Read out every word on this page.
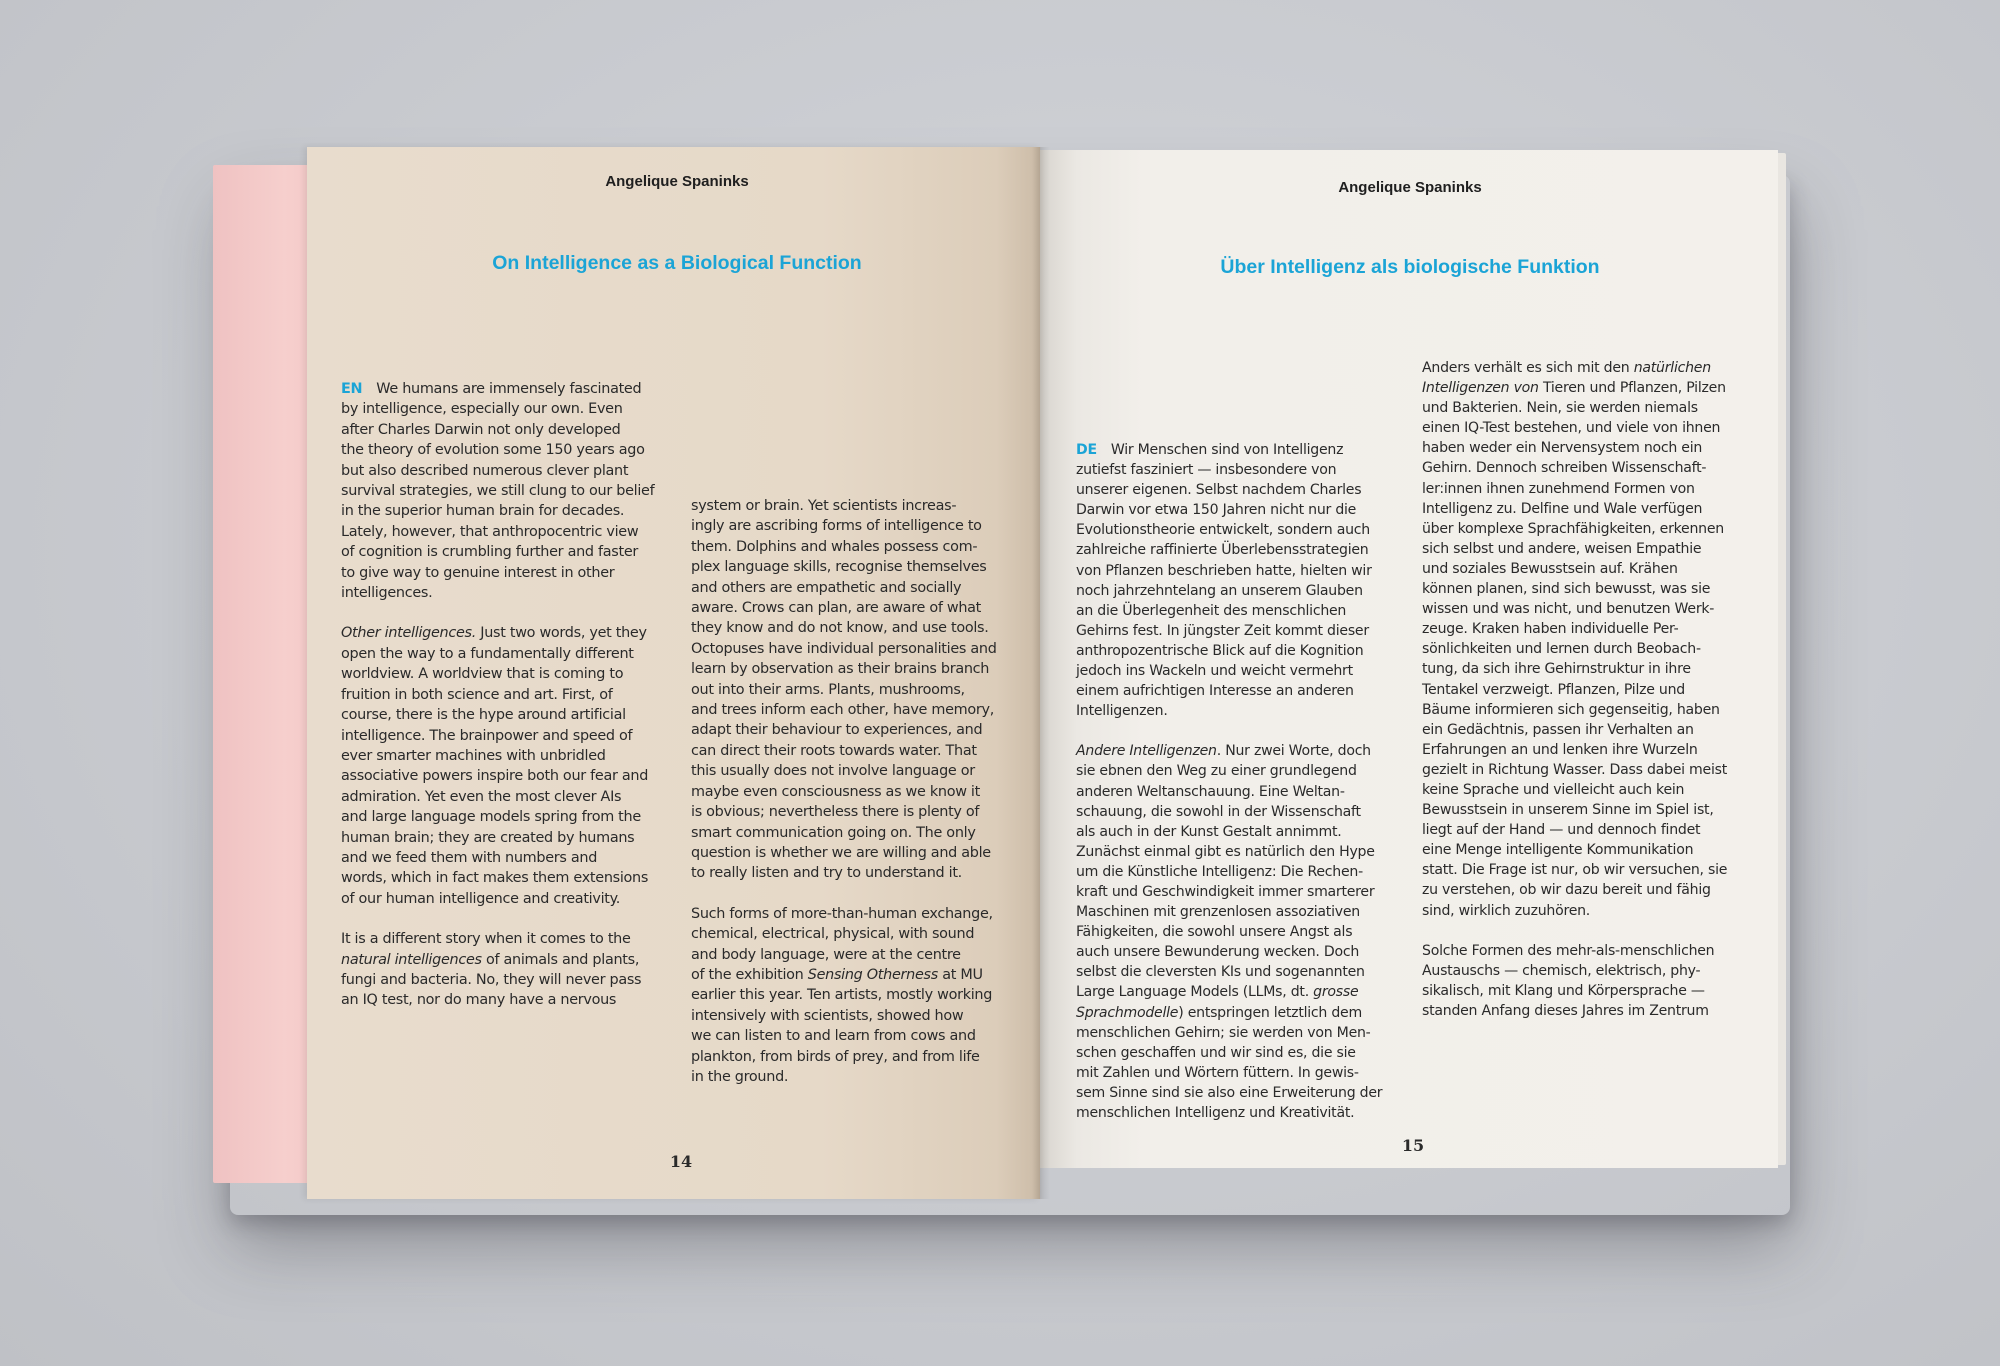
Angelique Spaninks
On Intelligence as a Biological Function

EN We humans are immensely fascinated

by intelligence, especially our own. Even

after Charles Darwin not only developed

the theory of evolution some 150 years ago

but also described numerous clever plant

survival strategies, we still clung to our belief

in the superior human brain for decades.

Lately, however, that anthropocentric view

of cognition is crumbling further and faster

to give way to genuine interest in other

intelligences.

Other intelligences. Just two words, yet they

open the way to a fundamentally different

worldview. A worldview that is coming to

fruition in both science and art. First, of

course, there is the hype around artificial

intelligence. The brainpower and speed of

ever smarter machines with unbridled

associative powers inspire both our fear and

admiration. Yet even the most clever AIs

and large language models spring from the

human brain; they are created by humans

and we feed them with numbers and

words, which in fact makes them extensions

of our human intelligence and creativity.

It is a different story when it comes to the

natural intelligences of animals and plants,

fungi and bacteria. No, they will never pass

an IQ test, nor do many have a nervous

system or brain. Yet scientists increas-

ingly are ascribing forms of intelligence to

them. Dolphins and whales possess com-

plex language skills, recognise themselves

and others are empathetic and socially

aware. Crows can plan, are aware of what

they know and do not know, and use tools.

Octopuses have individual personalities and

learn by observation as their brains branch

out into their arms. Plants, mushrooms,

and trees inform each other, have memory,

adapt their behaviour to experiences, and

can direct their roots towards water. That

this usually does not involve language or

maybe even consciousness as we know it

is obvious; nevertheless there is plenty of

smart communication going on. The only

question is whether we are willing and able

to really listen and try to understand it.

Such forms of more-than-human exchange,

chemical, electrical, physical, with sound

and body language, were at the centre

of the exhibition Sensing Otherness at MU

earlier this year. Ten artists, mostly working

intensively with scientists, showed how

we can listen to and learn from cows and

plankton, from birds of prey, and from life

in the ground.

14
Angelique Spaninks
Über Intelligenz als biologische Funktion

DE Wir Menschen sind von Intelligenz

zutiefst fasziniert — insbesondere von

unserer eigenen. Selbst nachdem Charles

Darwin vor etwa 150 Jahren nicht nur die

Evolutionstheorie entwickelt, sondern auch

zahlreiche raffinierte Überlebensstrategien

von Pflanzen beschrieben hatte, hielten wir

noch jahrzehntelang an unserem Glauben

an die Überlegenheit des menschlichen

Gehirns fest. In jüngster Zeit kommt dieser

anthropozentrische Blick auf die Kognition

jedoch ins Wackeln und weicht vermehrt

einem aufrichtigen Interesse an anderen

Intelligenzen.

Andere Intelligenzen. Nur zwei Worte, doch

sie ebnen den Weg zu einer grundlegend

anderen Weltanschauung. Eine Weltan-

schauung, die sowohl in der Wissenschaft

als auch in der Kunst Gestalt annimmt.

Zunächst einmal gibt es natürlich den Hype

um die Künstliche Intelligenz: Die Rechen-

kraft und Geschwindigkeit immer smarterer

Maschinen mit grenzenlosen assoziativen

Fähigkeiten, die sowohl unsere Angst als

auch unsere Bewunderung wecken. Doch

selbst die cleversten KIs und sogenannten

Large Language Models (LLMs, dt. grosse

Sprachmodelle) entspringen letztlich dem

menschlichen Gehirn; sie werden von Men-

schen geschaffen und wir sind es, die sie

mit Zahlen und Wörtern füttern. In gewis-

sem Sinne sind sie also eine Erweiterung der

menschlichen Intelligenz und Kreativität.

Anders verhält es sich mit den natürlichen

Intelligenzen von Tieren und Pflanzen, Pilzen

und Bakterien. Nein, sie werden niemals

einen IQ-Test bestehen, und viele von ihnen

haben weder ein Nervensystem noch ein

Gehirn. Dennoch schreiben Wissenschaft-

ler:innen ihnen zunehmend Formen von

Intelligenz zu. Delfine und Wale verfügen

über komplexe Sprachfähigkeiten, erkennen

sich selbst und andere, weisen Empathie

und soziales Bewusstsein auf. Krähen

können planen, sind sich bewusst, was sie

wissen und was nicht, und benutzen Werk-

zeuge. Kraken haben individuelle Per-

sönlichkeiten und lernen durch Beobach-

tung, da sich ihre Gehirnstruktur in ihre

Tentakel verzweigt. Pflanzen, Pilze und

Bäume informieren sich gegenseitig, haben

ein Gedächtnis, passen ihr Verhalten an

Erfahrungen an und lenken ihre Wurzeln

gezielt in Richtung Wasser. Dass dabei meist

keine Sprache und vielleicht auch kein

Bewusstsein in unserem Sinne im Spiel ist,

liegt auf der Hand — und dennoch findet

eine Menge intelligente Kommunikation

statt. Die Frage ist nur, ob wir versuchen, sie

zu verstehen, ob wir dazu bereit und fähig

sind, wirklich zuzuhören.

Solche Formen des mehr-als-menschlichen

Austauschs — chemisch, elektrisch, phy-

sikalisch, mit Klang und Körpersprache —

standen Anfang dieses Jahres im Zentrum

15
